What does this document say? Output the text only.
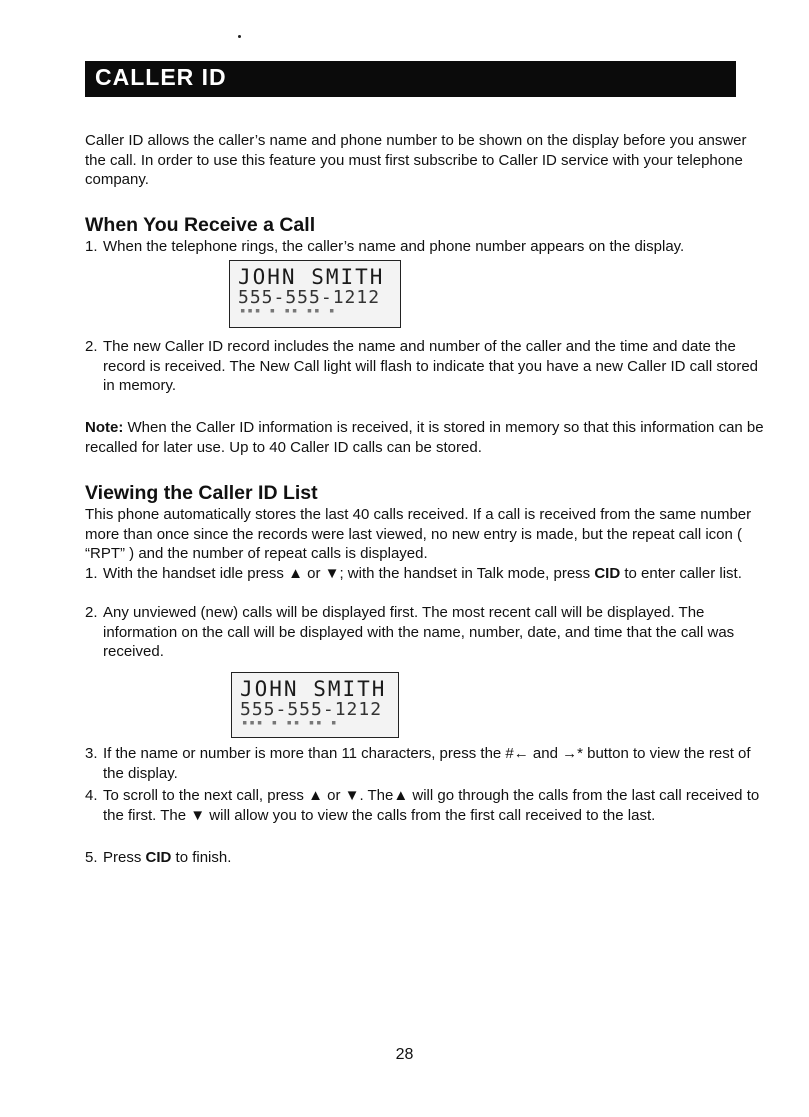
CALLER ID
Caller ID allows the caller’s name and phone number to be shown on the display before you answer the call. In order to use this feature you must first subscribe to Caller ID service with your telephone company.
When You Receive a Call
1. When the telephone rings, the caller’s name and phone number appears on the display.
JOHN SMITH
555-555-1212
▪▪▪ ▪ ▪▪ ▪▪ ▪
2. The new Caller ID record includes the name and number of the caller and the time and date the record is received. The New Call light will flash to indicate that you have a new Caller ID call stored in memory.
Note: When the Caller ID information is received, it is stored in memory so that this information can be recalled for later use. Up to 40 Caller ID calls can be stored.
Viewing the Caller ID List
This phone automatically stores the last 40 calls received. If a call is received from the same number more than once since the records were last viewed, no new entry is made, but the repeat call icon ( “RPT” ) and the number of repeat calls is displayed.
1. With the handset idle press ▲ or ▼; with the handset in Talk mode, press CID to enter caller list.
2. Any unviewed (new) calls will be displayed first. The most recent call will be displayed. The information on the call will be displayed with the name, number, date, and time that the call was received.
JOHN SMITH
555-555-1212
▪▪▪ ▪ ▪▪ ▪▪ ▪
3. If the name or number is more than 11 characters, press the #← and →* button to view the rest of the display.
4. To scroll to the next call, press ▲ or ▼. The▲ will go through the calls from the last call received to the first. The ▼ will allow you to view the calls from the first call received to the last.
5. Press CID to finish.
28
